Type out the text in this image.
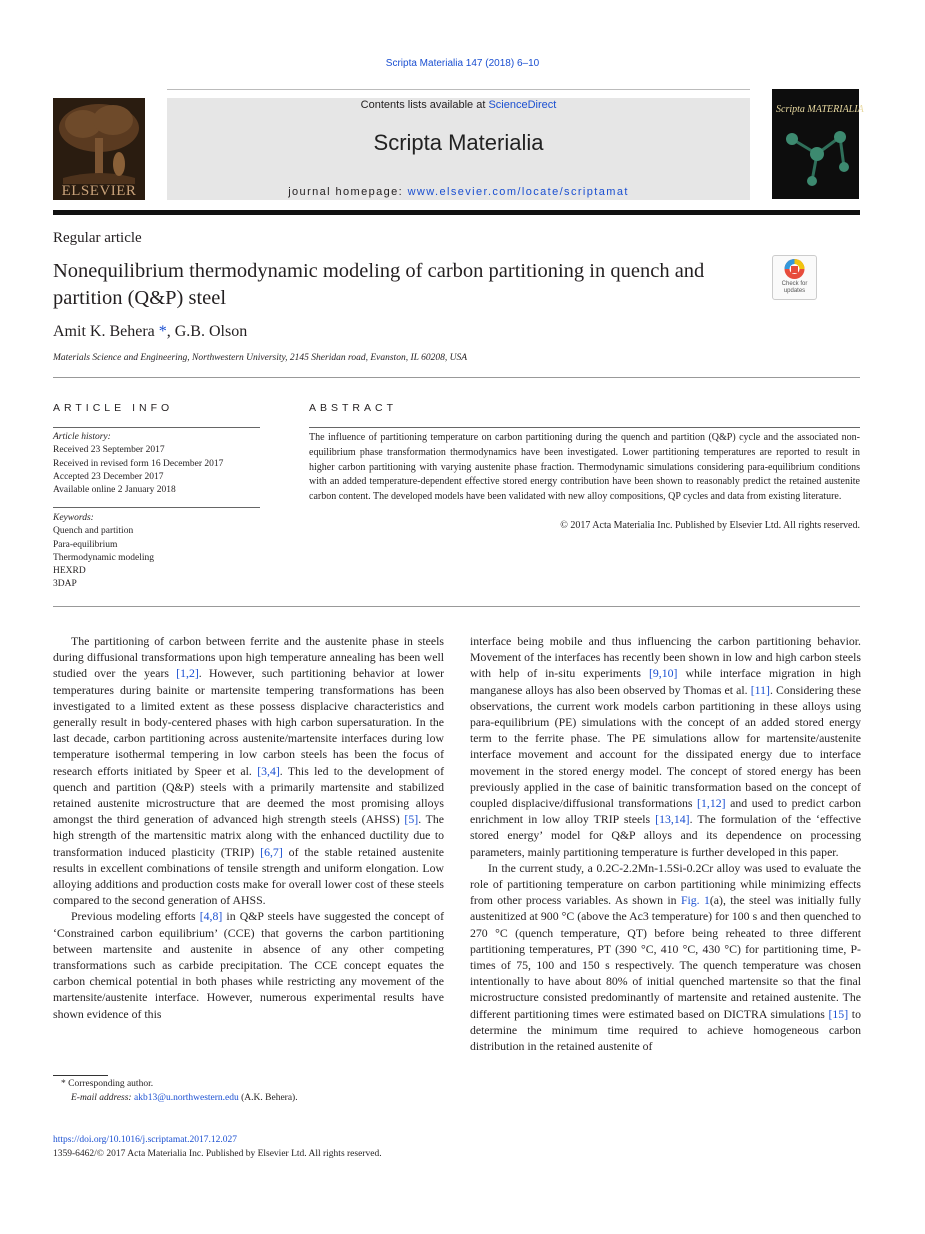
Scripta Materialia 147 (2018) 6–10
ELSEVIER
Contents lists available at ScienceDirect
Scripta Materialia
journal homepage: www.elsevier.com/locate/scriptamat
Scripta MATERIALIA
Regular article
Nonequilibrium thermodynamic modeling of carbon partitioning in quench and partition (Q&P) steel
Check for updates
Amit K. Behera *, G.B. Olson
Materials Science and Engineering, Northwestern University, 2145 Sheridan road, Evanston, IL 60208, USA
ARTICLE INFO
Article history:
Received 23 September 2017
Received in revised form 16 December 2017
Accepted 23 December 2017
Available online 2 January 2018
Keywords:
Quench and partition
Para-equilibrium
Thermodynamic modeling
HEXRD
3DAP
ABSTRACT
The influence of partitioning temperature on carbon partitioning during the quench and partition (Q&P) cycle and the associated non-equilibrium phase transformation thermodynamics have been investigated. Lower partitioning temperatures are reported to result in higher carbon partitioning with varying austenite phase fraction. Thermodynamic simulations considering para-equilibrium conditions with an added temperature-dependent effective stored energy contribution have been shown to reasonably predict the retained austenite carbon content. The developed models have been validated with new alloy compositions, QP cycles and data from existing literature.
© 2017 Acta Materialia Inc. Published by Elsevier Ltd. All rights reserved.

The partitioning of carbon between ferrite and the austenite phase in steels during diffusional transformations upon high temperature annealing has been well studied over the years [1,2]. However, such partitioning behavior at lower temperatures during bainite or martensite tempering transformations has been investigated to a limited extent as these possess displacive characteristics and generally result in body-centered phases with high carbon supersaturation. In the last decade, carbon partitioning across austenite/martensite interfaces during low temperature isothermal tempering in low carbon steels has been the focus of research efforts initiated by Speer et al. [3,4]. This led to the development of quench and partition (Q&P) steels with a primarily martensite and stabilized retained austenite microstructure that are deemed the most promising alloys amongst the third generation of advanced high strength steels (AHSS) [5]. The high strength of the martensitic matrix along with the enhanced ductility due to transformation induced plasticity (TRIP) [6,7] of the stable retained austenite results in excellent combinations of tensile strength and uniform elongation. Low alloying additions and production costs make for overall lower cost of these steels compared to the second generation of AHSS.

Previous modeling efforts [4,8] in Q&P steels have suggested the concept of ‘Constrained carbon equilibrium’ (CCE) that governs the carbon partitioning between martensite and austenite in absence of any other competing transformations such as carbide precipitation. The CCE concept equates the carbon chemical potential in both phases while restricting any movement of the martensite/austenite interface. However, numerous experimental results have shown evidence of this

interface being mobile and thus influencing the carbon partitioning behavior. Movement of the interfaces has recently been shown in low and high carbon steels with help of in-situ experiments [9,10] while interface migration in high manganese alloys has also been observed by Thomas et al. [11]. Considering these observations, the current work models carbon partitioning in these alloys using para-equilibrium (PE) simulations with the concept of an added stored energy term to the ferrite phase. The PE simulations allow for martensite/austenite interface movement and account for the dissipated energy due to interface movement in the stored energy model. The concept of stored energy has been previously applied in the case of bainitic transformation based on the concept of coupled displacive/diffusional transformations [1,12] and used to predict carbon enrichment in low alloy TRIP steels [13,14]. The formulation of the ‘effective stored energy’ model for Q&P alloys and its dependence on processing parameters, mainly partitioning temperature is further developed in this paper.

In the current study, a 0.2C-2.2Mn-1.5Si-0.2Cr alloy was used to evaluate the role of partitioning temperature on carbon partitioning while minimizing effects from other process variables. As shown in Fig. 1(a), the steel was initially fully austenitized at 900 °C (above the Ac3 temperature) for 100 s and then quenched to 270 °C (quench temperature, QT) before being reheated to three different partitioning temperatures, PT (390 °C, 410 °C, 430 °C) for partitioning time, P-times of 75, 100 and 150 s respectively. The quench temperature was chosen intentionally to have about 80% of initial quenched martensite so that the final microstructure consisted predominantly of martensite and retained austenite. The different partitioning times were estimated based on DICTRA simulations [15] to determine the minimum time required to achieve homogeneous carbon distribution in the retained austenite of

* Corresponding author.
E-mail address: akb13@u.northwestern.edu (A.K. Behera).
https://doi.org/10.1016/j.scriptamat.2017.12.027
1359-6462/© 2017 Acta Materialia Inc. Published by Elsevier Ltd. All rights reserved.
